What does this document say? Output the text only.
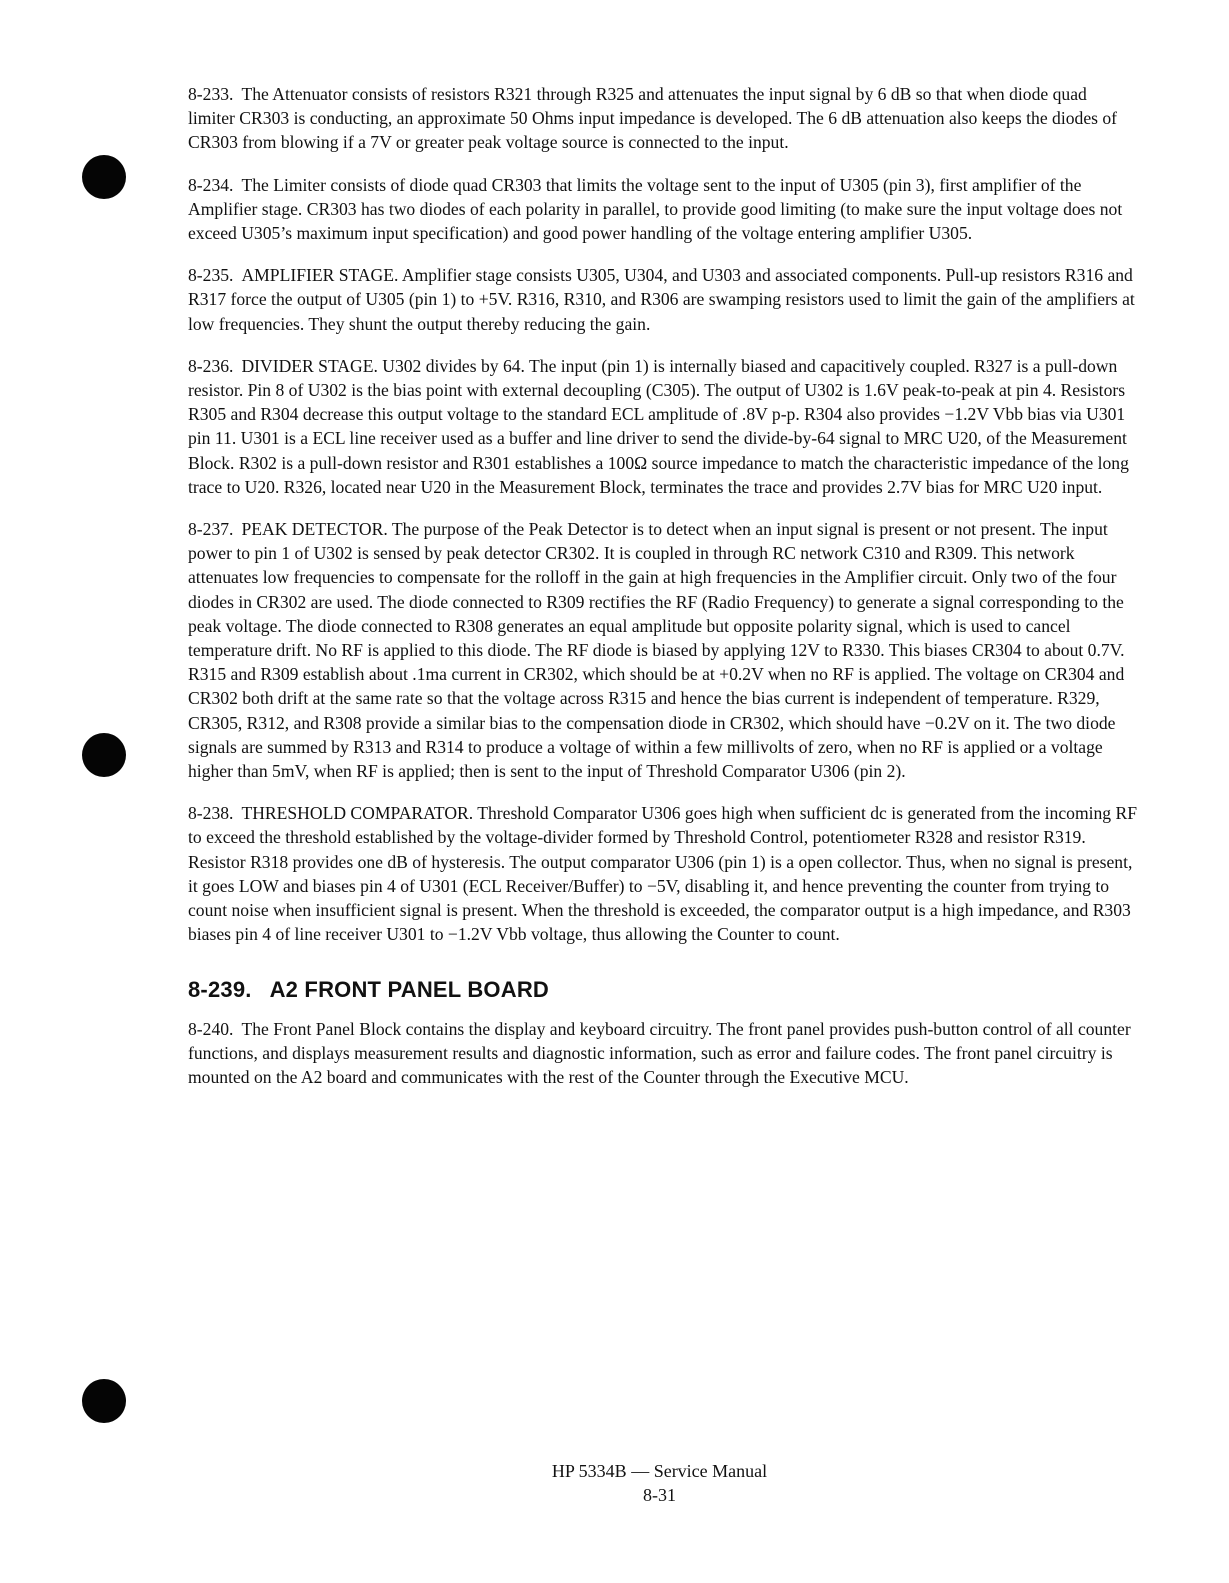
8-233. The Attenuator consists of resistors R321 through R325 and attenuates the input signal by 6 dB so that when diode quad limiter CR303 is conducting, an approximate 50 Ohms input impedance is developed. The 6 dB attenuation also keeps the diodes of CR303 from blowing if a 7V or greater peak voltage source is connected to the input.

8-234. The Limiter consists of diode quad CR303 that limits the voltage sent to the input of U305 (pin 3), first amplifier of the Amplifier stage. CR303 has two diodes of each polarity in parallel, to provide good limiting (to make sure the input voltage does not exceed U305’s maximum input specification) and good power handling of the voltage entering amplifier U305.

8-235. AMPLIFIER STAGE. Amplifier stage consists U305, U304, and U303 and associated components. Pull-up resistors R316 and R317 force the output of U305 (pin 1) to +5V. R316, R310, and R306 are swamping resistors used to limit the gain of the amplifiers at low frequencies. They shunt the output thereby reducing the gain.

8-236. DIVIDER STAGE. U302 divides by 64. The input (pin 1) is internally biased and capacitively coupled. R327 is a pull-down resistor. Pin 8 of U302 is the bias point with external decoupling (C305). The output of U302 is 1.6V peak-to-peak at pin 4. Resistors R305 and R304 decrease this output voltage to the standard ECL amplitude of .8V p-p. R304 also provides −1.2V Vbb bias via U301 pin 11. U301 is a ECL line receiver used as a buffer and line driver to send the divide-by-64 signal to MRC U20, of the Measurement Block. R302 is a pull-down resistor and R301 establishes a 100Ω source impedance to match the characteristic impedance of the long trace to U20. R326, located near U20 in the Measurement Block, terminates the trace and provides 2.7V bias for MRC U20 input.

8-237. PEAK DETECTOR. The purpose of the Peak Detector is to detect when an input signal is present or not present. The input power to pin 1 of U302 is sensed by peak detector CR302. It is coupled in through RC network C310 and R309. This network attenuates low frequencies to compensate for the rolloff in the gain at high frequencies in the Amplifier circuit. Only two of the four diodes in CR302 are used. The diode connected to R309 rectifies the RF (Radio Frequency) to generate a signal corresponding to the peak voltage. The diode connected to R308 generates an equal amplitude but opposite polarity signal, which is used to cancel temperature drift. No RF is applied to this diode. The RF diode is biased by applying 12V to R330. This biases CR304 to about 0.7V. R315 and R309 establish about .1ma current in CR302, which should be at +0.2V when no RF is applied. The voltage on CR304 and CR302 both drift at the same rate so that the voltage across R315 and hence the bias current is independent of temperature. R329, CR305, R312, and R308 provide a similar bias to the compensation diode in CR302, which should have −0.2V on it. The two diode signals are summed by R313 and R314 to produce a voltage of within a few millivolts of zero, when no RF is applied or a voltage higher than 5mV, when RF is applied; then is sent to the input of Threshold Comparator U306 (pin 2).

8-238. THRESHOLD COMPARATOR. Threshold Comparator U306 goes high when sufficient dc is generated from the incoming RF to exceed the threshold established by the voltage-divider formed by Threshold Control, potentiometer R328 and resistor R319. Resistor R318 provides one dB of hysteresis. The output comparator U306 (pin 1) is a open collector. Thus, when no signal is present, it goes LOW and biases pin 4 of U301 (ECL Receiver/Buffer) to −5V, disabling it, and hence preventing the counter from trying to count noise when insufficient signal is present. When the threshold is exceeded, the comparator output is a high impedance, and R303 biases pin 4 of line receiver U301 to −1.2V Vbb voltage, thus allowing the Counter to count.

8-239. A2 FRONT PANEL BOARD

8-240. The Front Panel Block contains the display and keyboard circuitry. The front panel provides push-button control of all counter functions, and displays measurement results and diagnostic information, such as error and failure codes. The front panel circuitry is mounted on the A2 board and communicates with the rest of the Counter through the Executive MCU.

HP 5334B — Service Manual
8-31
